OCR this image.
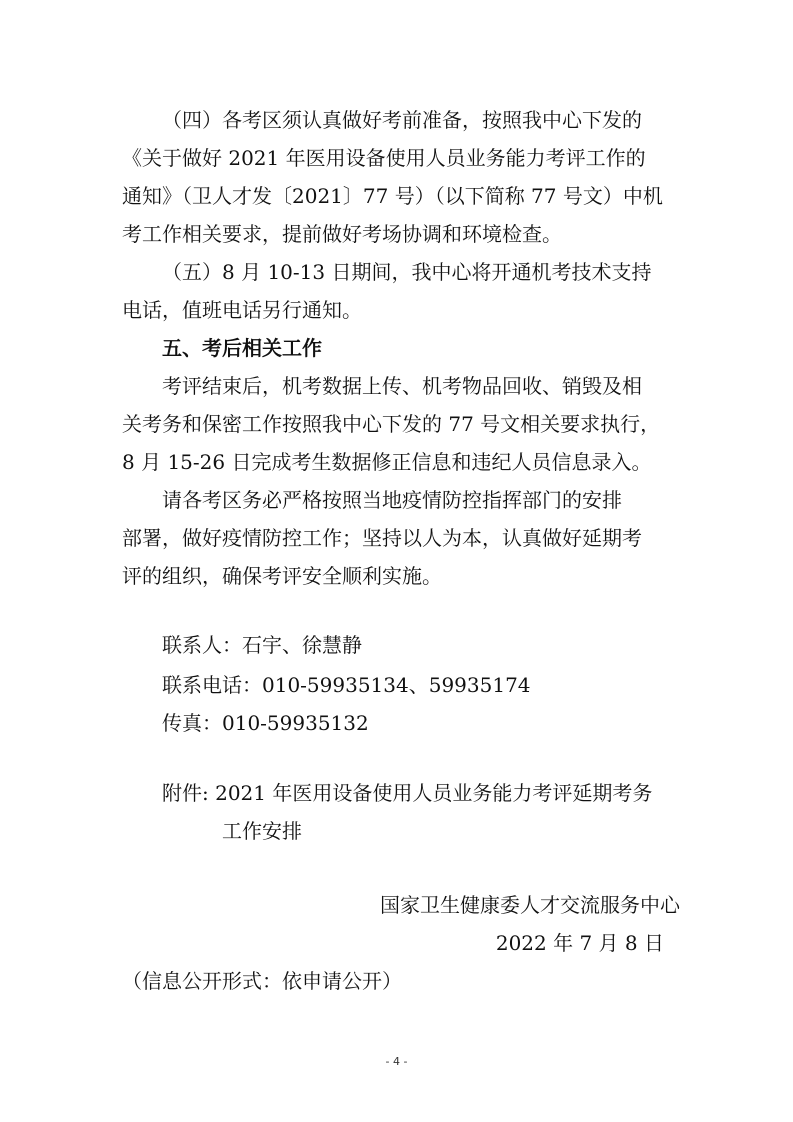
（四）各考区须认真做好考前准备，按照我中心下发的
《关于做好 2021 年医用设备使用人员业务能力考评工作的
通知》（卫人才发〔2021〕77 号）（以下简称 77 号文）中机
考工作相关要求，提前做好考场协调和环境检查。
（五）8 月 10-13 日期间，我中心将开通机考技术支持
电话，值班电话另行通知。
五、考后相关工作
考评结束后，机考数据上传、机考物品回收、销毁及相
关考务和保密工作按照我中心下发的 77 号文相关要求执行，
8 月 15-26 日完成考生数据修正信息和违纪人员信息录入。
请各考区务必严格按照当地疫情防控指挥部门的安排
部署，做好疫情防控工作；坚持以人为本，认真做好延期考
评的组织，确保考评安全顺利实施。
联系人：石宇、徐慧静
联系电话：010-59935134、59935174
传真：010-59935132
附件: 2021 年医用设备使用人员业务能力考评延期考务
工作安排
国家卫生健康委人才交流服务中心
2022 年 7 月 8 日
（信息公开形式：依申请公开）
- 4 -
